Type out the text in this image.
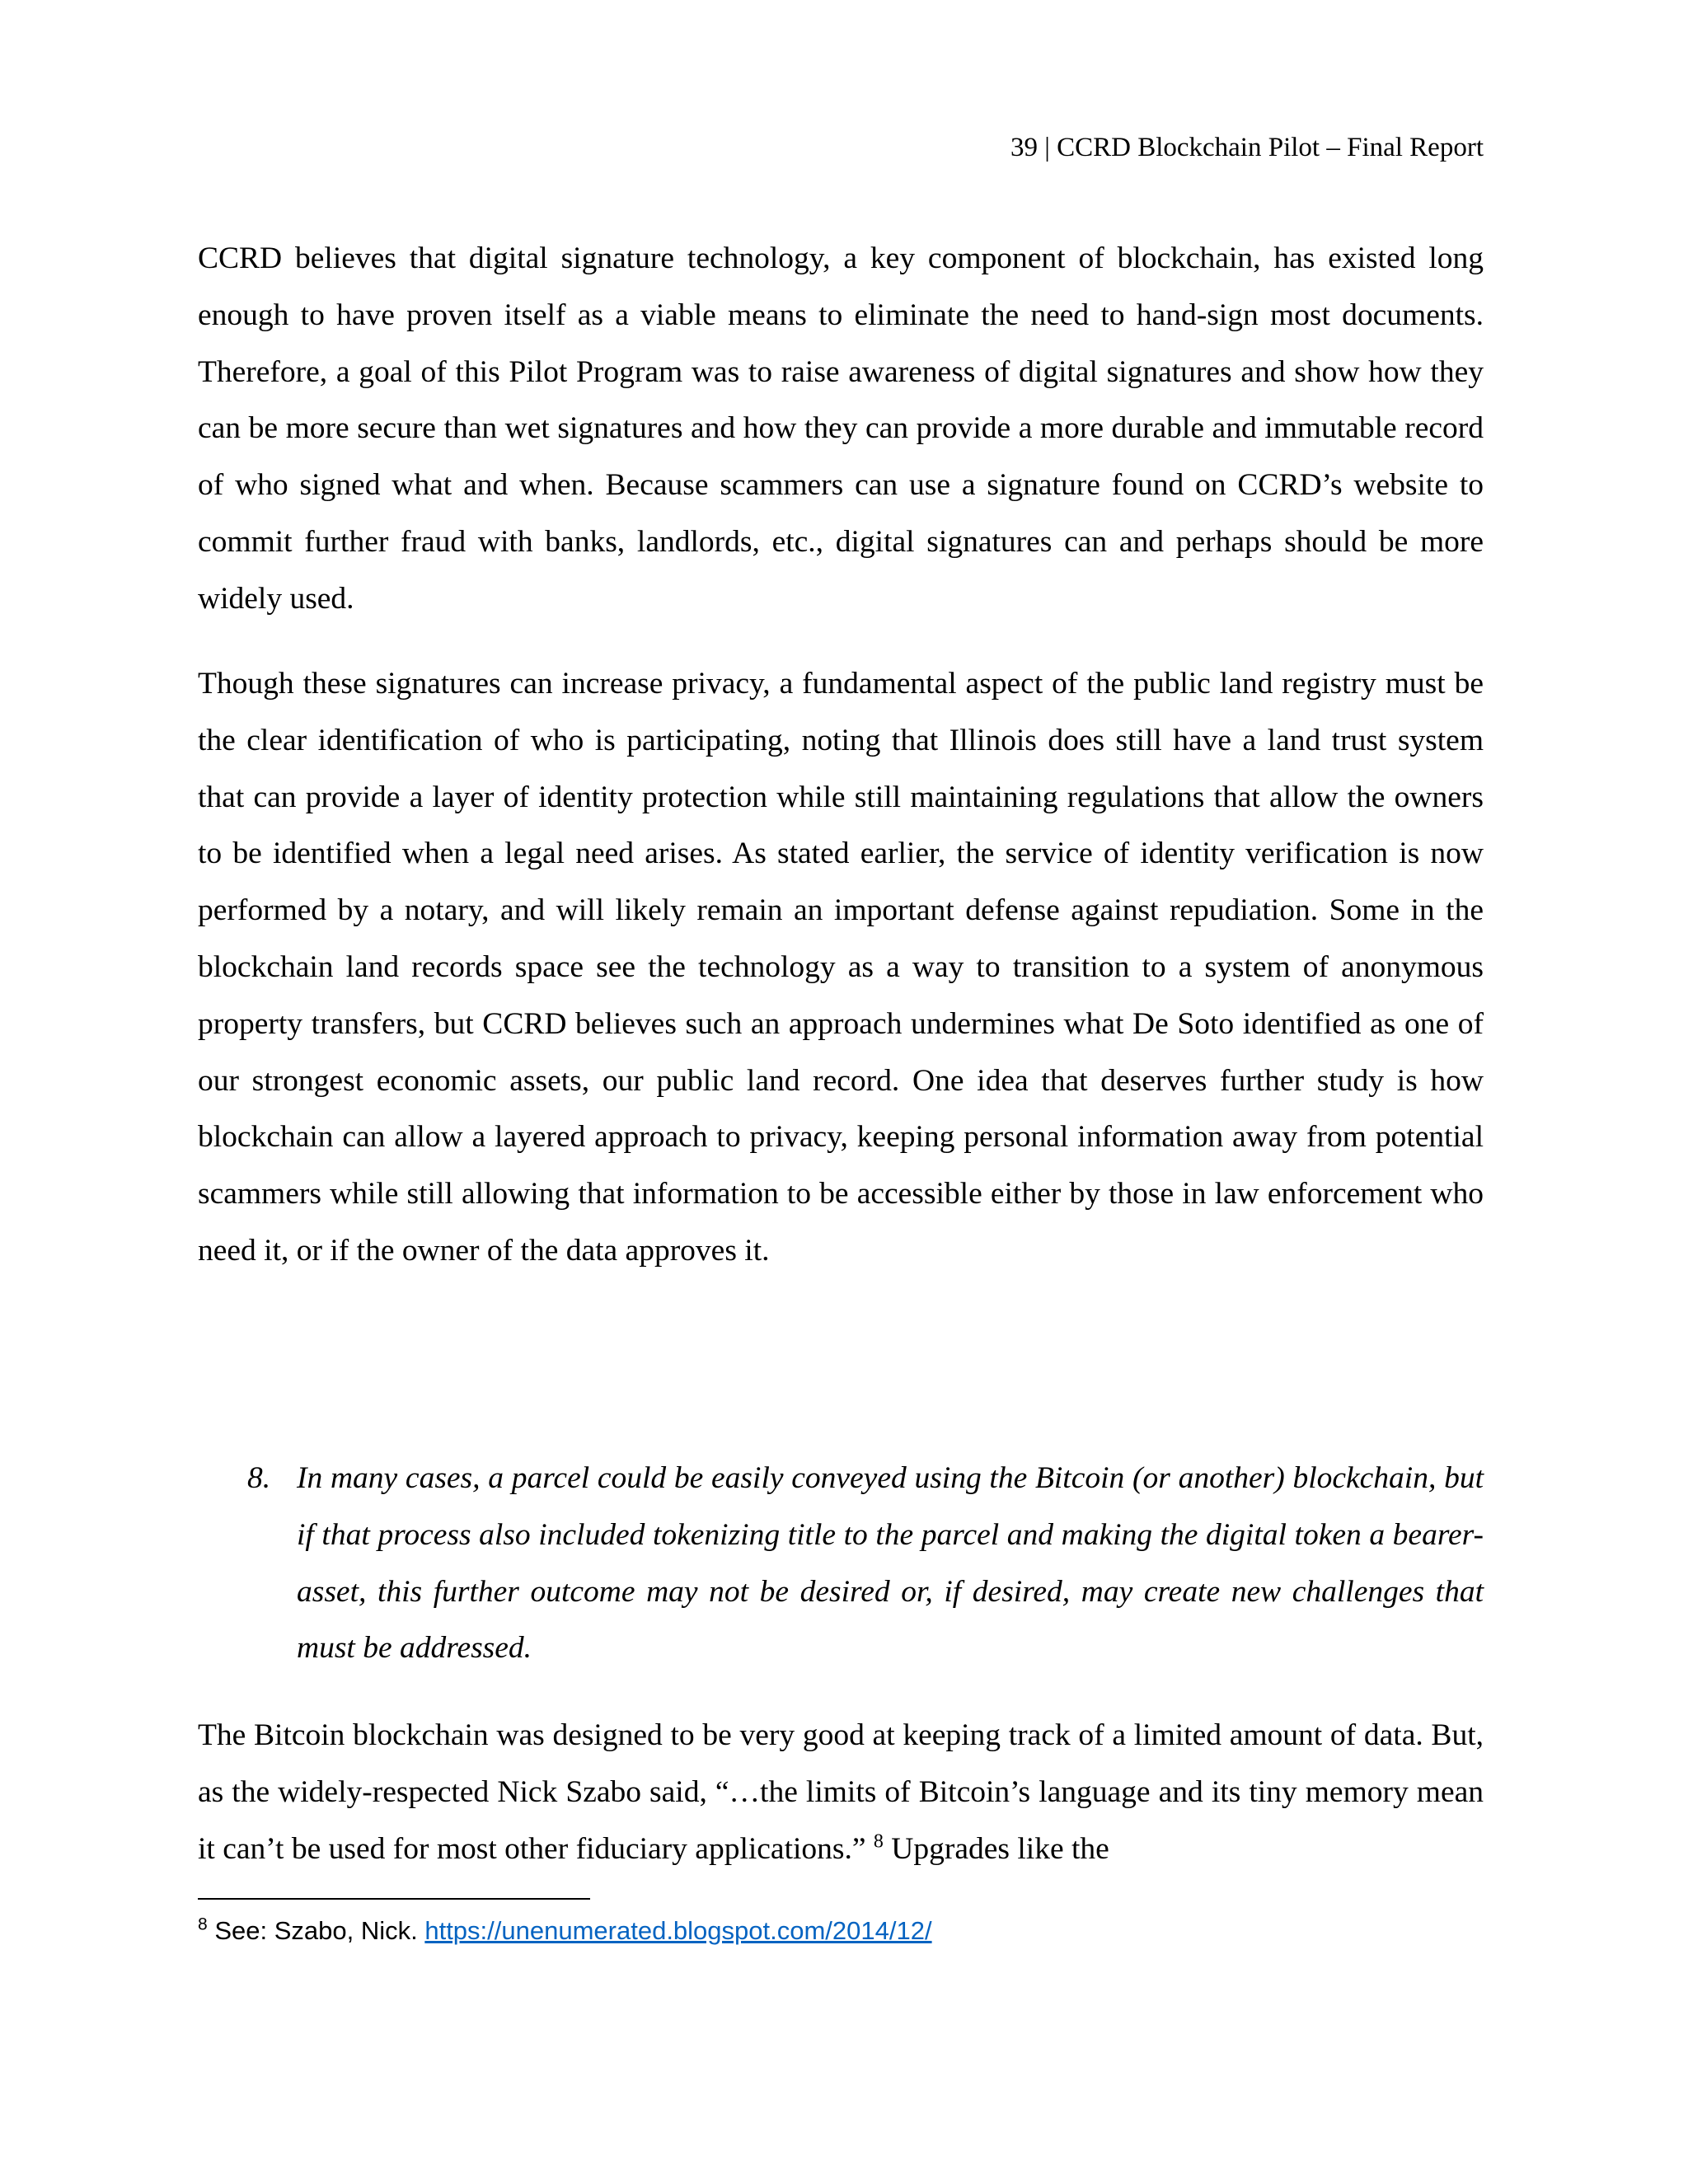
39 | CCRD Blockchain Pilot – Final Report

CCRD believes that digital signature technology, a key component of blockchain, has existed long enough to have proven itself as a viable means to eliminate the need to hand-sign most documents. Therefore, a goal of this Pilot Program was to raise awareness of digital signatures and show how they can be more secure than wet signatures and how they can provide a more durable and immutable record of who signed what and when. Because scammers can use a signature found on CCRD’s website to commit further fraud with banks, landlords, etc., digital signatures can and perhaps should be more widely used.

Though these signatures can increase privacy, a fundamental aspect of the public land registry must be the clear identification of who is participating, noting that Illinois does still have a land trust system that can provide a layer of identity protection while still maintaining regulations that allow the owners to be identified when a legal need arises. As stated earlier, the service of identity verification is now performed by a notary, and will likely remain an important defense against repudiation. Some in the blockchain land records space see the technology as a way to transition to a system of anonymous property transfers, but CCRD believes such an approach undermines what De Soto identified as one of our strongest economic assets, our public land record. One idea that deserves further study is how blockchain can allow a layered approach to privacy, keeping personal information away from potential scammers while still allowing that information to be accessible either by those in law enforcement who need it, or if the owner of the data approves it.

8. In many cases, a parcel could be easily conveyed using the Bitcoin (or another) blockchain, but if that process also included tokenizing title to the parcel and making the digital token a bearer-asset, this further outcome may not be desired or, if desired, may create new challenges that must be addressed.

The Bitcoin blockchain was designed to be very good at keeping track of a limited amount of data. But, as the widely-respected Nick Szabo said, “…the limits of Bitcoin’s language and its tiny memory mean it can’t be used for most other fiduciary applications.” $^8$ Upgrades like the

$^8$ See: Szabo, Nick. https://unenumerated.blogspot.com/2014/12/
